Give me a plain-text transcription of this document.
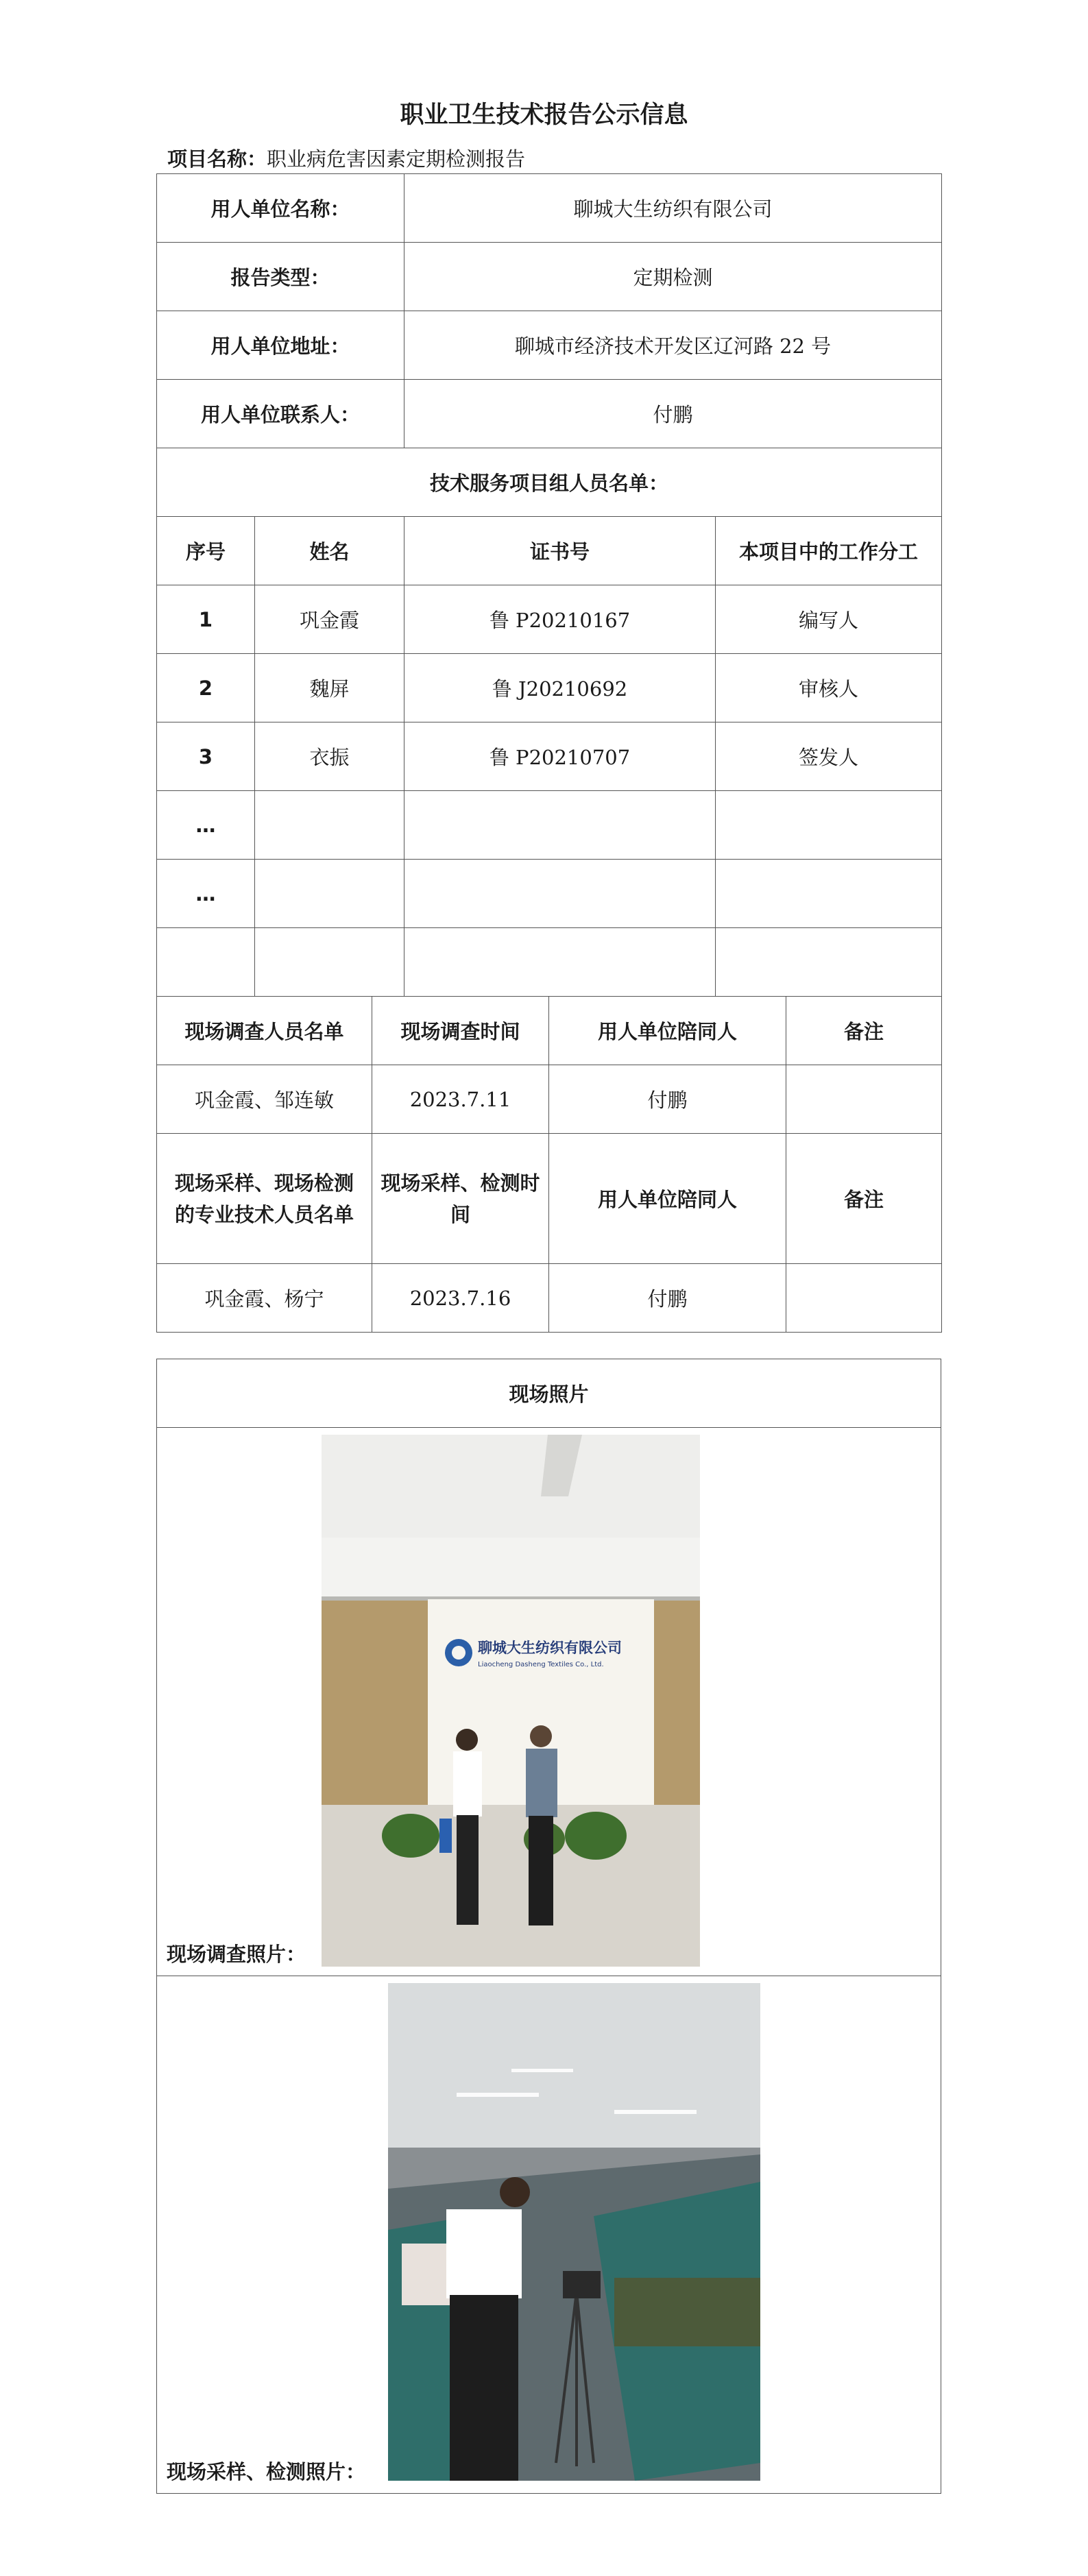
职业卫生技术报告公示信息
项目名称：职业病危害因素定期检测报告
用人单位名称：		聊城大生纺织有限公司	
报告类型：		定期检测	
用人单位地址：		聊城市经济技术开发区辽河路 22 号	
用人单位联系人：		付鹏	
技术服务项目组人员名单：			
序号	姓名	证书号	本项目中的工作分工
1	巩金霞	鲁 P20210167	编写人
2	魏屏	鲁 J20210692	审核人
3	衣振	鲁 P20210707	签发人
…			
…			

现场调查人员名单	现场调查时间	用人单位陪同人	备注
巩金霞、邹连敏	2023.7.11	付鹏	
现场采样、现场检测的专业技术人员名单	现场采样、检测时间	用人单位陪同人	备注
巩金霞、杨宁	2023.7.16	付鹏	
现场照片

聊城大生纺织有限公司
Liaocheng Dasheng Textiles Co., Ltd.
现场调查照片：

现场采样、检测照片：
